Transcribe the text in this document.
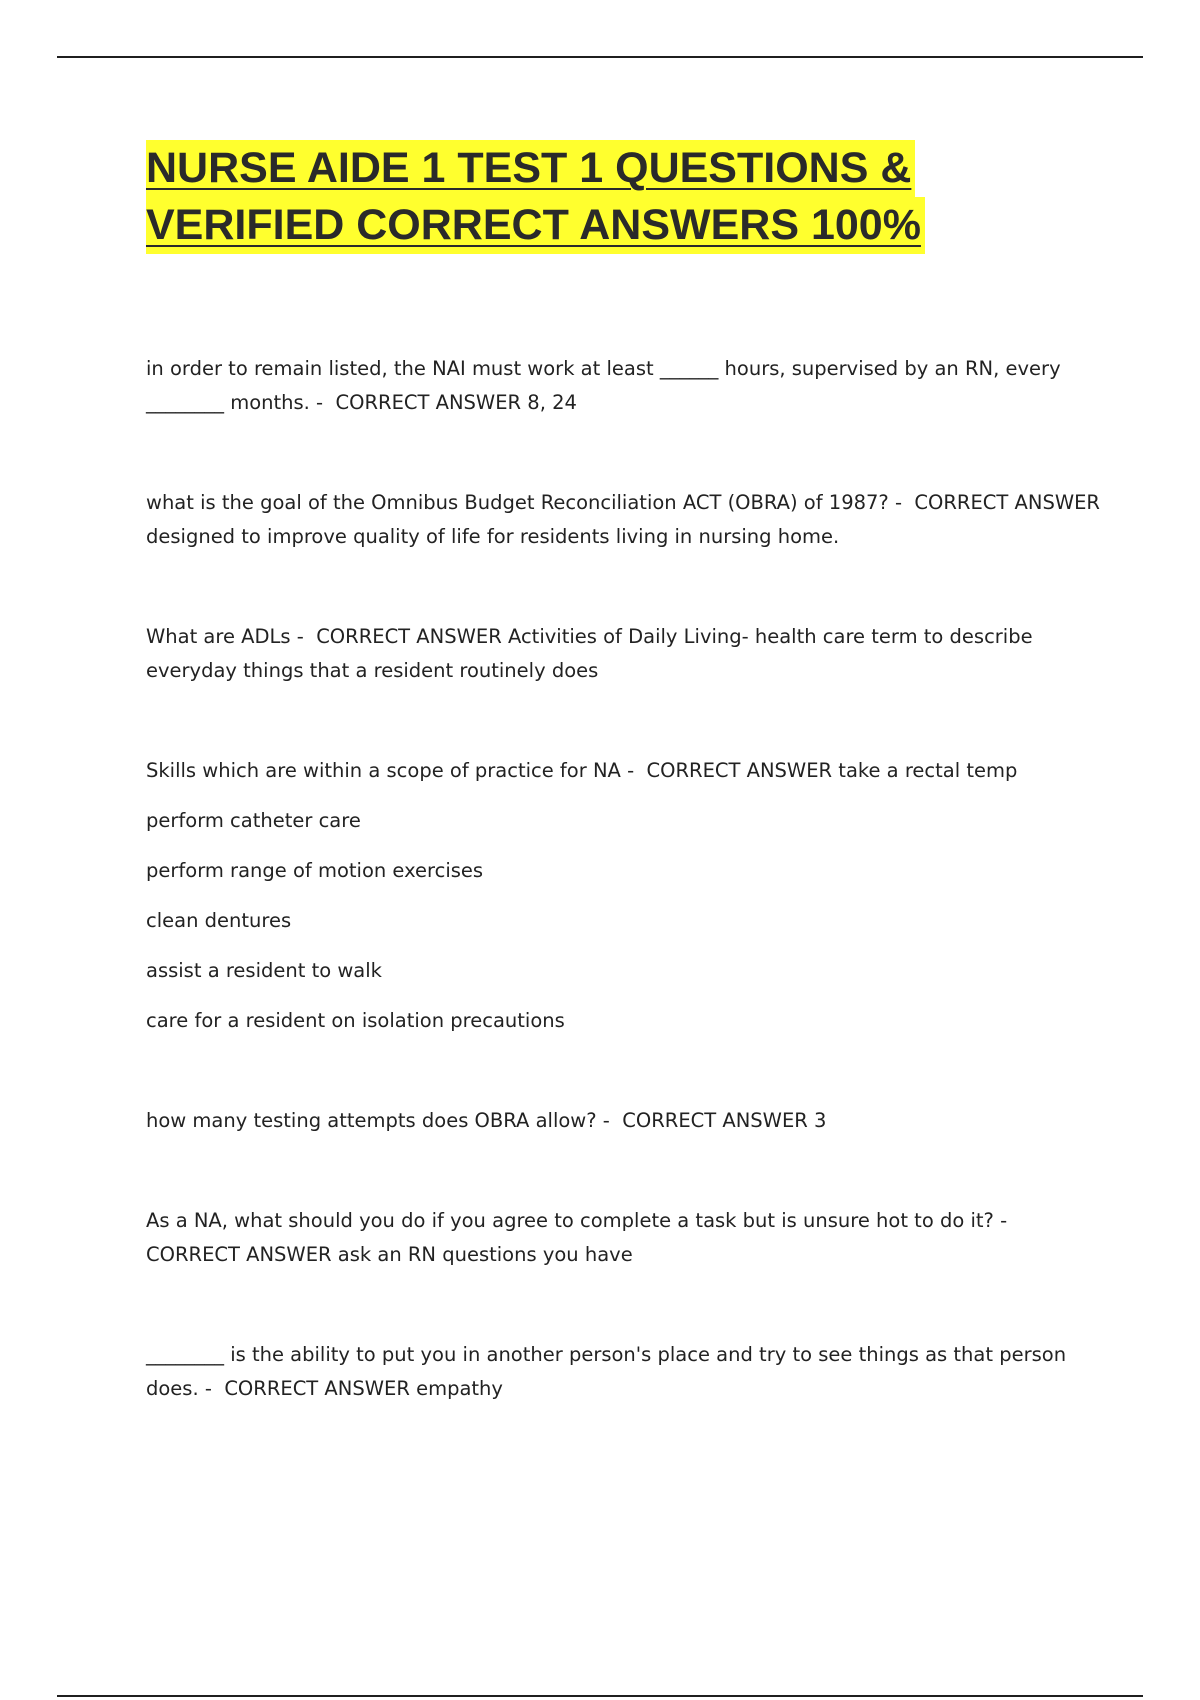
NURSE AIDE 1 TEST 1 QUESTIONS &
VERIFIED CORRECT ANSWERS 100%

in order to remain listed, the NAI must work at least ______ hours, supervised by an RN, every ________ months. -  CORRECT ANSWER 8, 24

what is the goal of the Omnibus Budget Reconciliation ACT (OBRA) of 1987? -  CORRECT ANSWER designed to improve quality of life for residents living in nursing home.

What are ADLs -  CORRECT ANSWER Activities of Daily Living- health care term to describe everyday things that a resident routinely does

Skills which are within a scope of practice for NA -  CORRECT ANSWER take a rectal temp

perform catheter care

perform range of motion exercises

clean dentures

assist a resident to walk

care for a resident on isolation precautions

how many testing attempts does OBRA allow? -  CORRECT ANSWER 3

As a NA, what should you do if you agree to complete a task but is unsure hot to do it? -
CORRECT ANSWER ask an RN questions you have

________ is the ability to put you in another person's place and try to see things as that person does. -  CORRECT ANSWER empathy
